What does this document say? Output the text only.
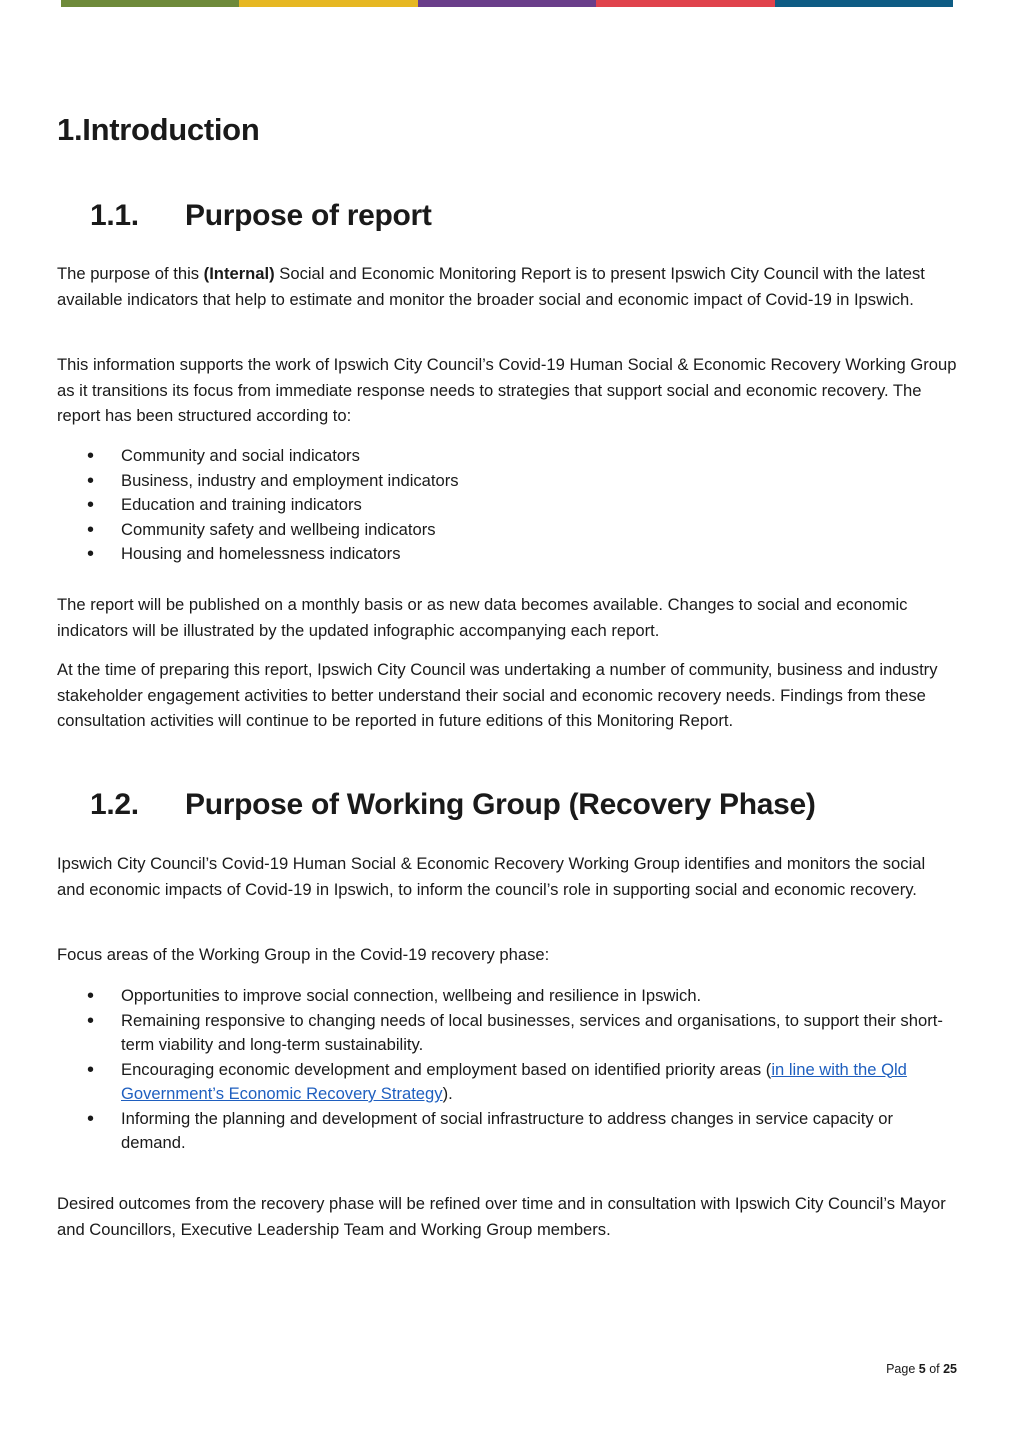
1.Introduction
1.1. Purpose of report

The purpose of this (Internal) Social and Economic Monitoring Report is to present Ipswich City Council with the latest available indicators that help to estimate and monitor the broader social and economic impact of Covid-19 in Ipswich.

This information supports the work of Ipswich City Council’s Covid-19 Human Social & Economic Recovery Working Group as it transitions its focus from immediate response needs to strategies that support social and economic recovery. The report has been structured according to:

• Community and social indicators
• Business, industry and employment indicators
• Education and training indicators
• Community safety and wellbeing indicators
• Housing and homelessness indicators

The report will be published on a monthly basis or as new data becomes available. Changes to social and economic indicators will be illustrated by the updated infographic accompanying each report.

At the time of preparing this report, Ipswich City Council was undertaking a number of community, business and industry stakeholder engagement activities to better understand their social and economic recovery needs. Findings from these consultation activities will continue to be reported in future editions of this Monitoring Report.

1.2. Purpose of Working Group (Recovery Phase)

Ipswich City Council’s Covid-19 Human Social & Economic Recovery Working Group identifies and monitors the social and economic impacts of Covid-19 in Ipswich, to inform the council’s role in supporting social and economic recovery.

Focus areas of the Working Group in the Covid-19 recovery phase:

• Opportunities to improve social connection, wellbeing and resilience in Ipswich.
• Remaining responsive to changing needs of local businesses, services and organisations, to support their short-term viability and long-term sustainability.
• Encouraging economic development and employment based on identified priority areas (in line with the Qld Government’s Economic Recovery Strategy).
• Informing the planning and development of social infrastructure to address changes in service capacity or demand.

Desired outcomes from the recovery phase will be refined over time and in consultation with Ipswich City Council’s Mayor and Councillors, Executive Leadership Team and Working Group members.

Page 5 of 25
